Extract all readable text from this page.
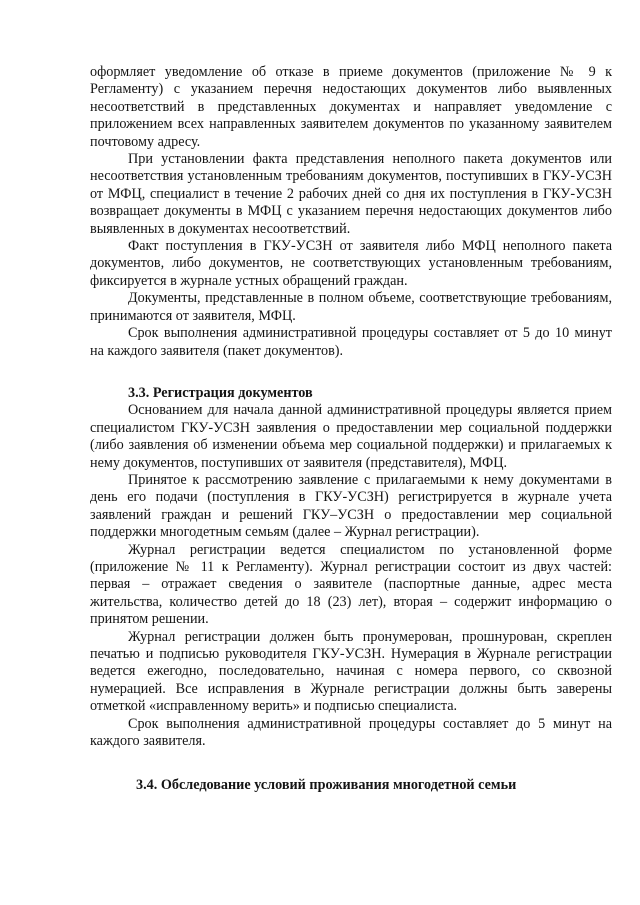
оформляет уведомление об отказе в приеме документов (приложение № 9 к Регламенту) с указанием перечня недостающих документов либо выявленных несоответствий в представленных документах и направляет уведомление с приложением всех направленных заявителем документов по указанному заявителем почтовому адресу.

При установлении факта представления неполного пакета документов или несоответствия установленным требованиям документов, поступивших в ГКУ-УСЗН от МФЦ, специалист в течение 2 рабочих дней со дня их поступления в ГКУ-УСЗН возвращает документы в МФЦ с указанием перечня недостающих документов либо выявленных в документах несоответствий.

Факт поступления в ГКУ-УСЗН от заявителя либо МФЦ неполного пакета документов, либо документов, не соответствующих установленным требованиям, фиксируется в журнале устных обращений граждан.

Документы, представленные в полном объеме, соответствующие требованиям, принимаются от заявителя, МФЦ.

Срок выполнения административной процедуры составляет от 5 до 10 минут на каждого заявителя (пакет документов).

3.3. Регистрация документов

Основанием для начала данной административной процедуры является прием специалистом ГКУ-УСЗН заявления о предоставлении мер социальной поддержки (либо заявления об изменении объема мер социальной поддержки) и прилагаемых к нему документов, поступивших от заявителя (представителя), МФЦ.

Принятое к рассмотрению заявление с прилагаемыми к нему документами в день его подачи (поступления в ГКУ-УСЗН) регистрируется в журнале учета заявлений граждан и решений ГКУ–УСЗН о предоставлении мер социальной поддержки многодетным семьям (далее – Журнал регистрации).

Журнал регистрации ведется специалистом по установленной форме (приложение № 11 к Регламенту). Журнал регистрации состоит из двух частей: первая – отражает сведения о заявителе (паспортные данные, адрес места жительства, количество детей до 18 (23) лет), вторая – содержит информацию о принятом решении.

Журнал регистрации должен быть пронумерован, прошнурован, скреплен печатью и подписью руководителя ГКУ-УСЗН. Нумерация в Журнале регистрации ведется ежегодно, последовательно, начиная с номера первого, со сквозной нумерацией. Все исправления в Журнале регистрации должны быть заверены отметкой «исправленному верить» и подписью специалиста.

Срок выполнения административной процедуры составляет до 5 минут на каждого заявителя.

3.4. Обследование условий проживания многодетной семьи
